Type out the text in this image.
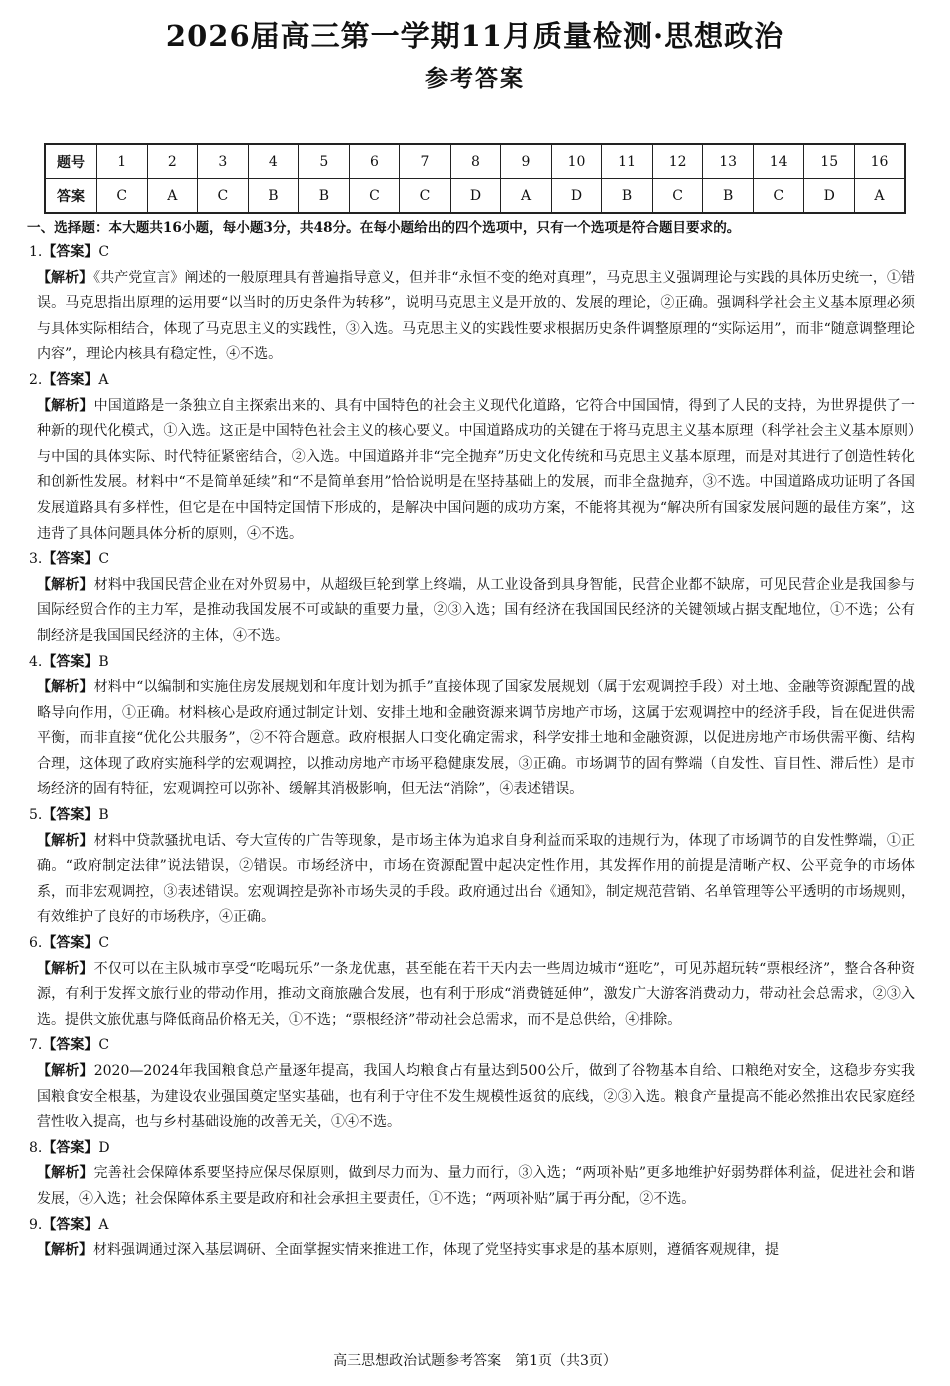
2026届高三第一学期11月质量检测·思想政治
参考答案
题号	1	2	3	4	5	6	7	8	9	10	11	12	13	14	15	16
答案	C	A	C	B	B	C	C	D	A	D	B	C	B	C	D	A
一、选择题：本大题共16小题，每小题3分，共48分。在每小题给出的四个选项中，只有一个选项是符合题目要求的。
1.【答案】C
【解析】《共产党宣言》阐述的一般原理具有普遍指导意义，但并非“永恒不变的绝对真理”，马克思主义强调理论与实践的具体历史统一，①错误。马克思指出原理的运用要“以当时的历史条件为转移”，说明马克思主义是开放的、发展的理论，②正确。强调科学社会主义基本原理必须与具体实际相结合，体现了马克思主义的实践性，③入选。马克思主义的实践性要求根据历史条件调整原理的“实际运用”，而非“随意调整理论内容”，理论内核具有稳定性，④不选。
2.【答案】A
【解析】中国道路是一条独立自主探索出来的、具有中国特色的社会主义现代化道路，它符合中国国情，得到了人民的支持，为世界提供了一种新的现代化模式，①入选。这正是中国特色社会主义的核心要义。中国道路成功的关键在于将马克思主义基本原理（科学社会主义基本原则）与中国的具体实际、时代特征紧密结合，②入选。中国道路并非“完全抛弃”历史文化传统和马克思主义基本原理，而是对其进行了创造性转化和创新性发展。材料中“不是简单延续”和“不是简单套用”恰恰说明是在坚持基础上的发展，而非全盘抛弃，③不选。中国道路成功证明了各国发展道路具有多样性，但它是在中国特定国情下形成的，是解决中国问题的成功方案，不能将其视为“解决所有国家发展问题的最佳方案”，这违背了具体问题具体分析的原则，④不选。
3.【答案】C
【解析】材料中我国民营企业在对外贸易中，从超级巨轮到掌上终端，从工业设备到具身智能，民营企业都不缺席，可见民营企业是我国参与国际经贸合作的主力军，是推动我国发展不可或缺的重要力量，②③入选；国有经济在我国国民经济的关键领域占据支配地位，①不选；公有制经济是我国国民经济的主体，④不选。
4.【答案】B
【解析】材料中“以编制和实施住房发展规划和年度计划为抓手”直接体现了国家发展规划（属于宏观调控手段）对土地、金融等资源配置的战略导向作用，①正确。材料核心是政府通过制定计划、安排土地和金融资源来调节房地产市场，这属于宏观调控中的经济手段，旨在促进供需平衡，而非直接“优化公共服务”，②不符合题意。政府根据人口变化确定需求，科学安排土地和金融资源，以促进房地产市场供需平衡、结构合理，这体现了政府实施科学的宏观调控，以推动房地产市场平稳健康发展，③正确。市场调节的固有弊端（自发性、盲目性、滞后性）是市场经济的固有特征，宏观调控可以弥补、缓解其消极影响，但无法“消除”，④表述错误。
5.【答案】B
【解析】材料中贷款骚扰电话、夸大宣传的广告等现象，是市场主体为追求自身利益而采取的违规行为，体现了市场调节的自发性弊端，①正确。“政府制定法律”说法错误，②错误。市场经济中，市场在资源配置中起决定性作用，其发挥作用的前提是清晰产权、公平竞争的市场体系，而非宏观调控，③表述错误。宏观调控是弥补市场失灵的手段。政府通过出台《通知》，制定规范营销、名单管理等公平透明的市场规则，有效维护了良好的市场秩序，④正确。
6.【答案】C
【解析】不仅可以在主队城市享受“吃喝玩乐”一条龙优惠，甚至能在若干天内去一些周边城市“逛吃”，可见苏超玩转“票根经济”，整合各种资源，有利于发挥文旅行业的带动作用，推动文商旅融合发展，也有利于形成“消费链延伸”，激发广大游客消费动力，带动社会总需求，②③入选。提供文旅优惠与降低商品价格无关，①不选；“票根经济”带动社会总需求，而不是总供给，④排除。
7.【答案】C
【解析】2020—2024年我国粮食总产量逐年提高，我国人均粮食占有量达到500公斤，做到了谷物基本自给、口粮绝对安全，这稳步夯实我国粮食安全根基，为建设农业强国奠定坚实基础，也有利于守住不发生规模性返贫的底线，②③入选。粮食产量提高不能必然推出农民家庭经营性收入提高，也与乡村基础设施的改善无关，①④不选。
8.【答案】D
【解析】完善社会保障体系要坚持应保尽保原则，做到尽力而为、量力而行，③入选；“两项补贴”更多地维护好弱势群体利益，促进社会和谐发展，④入选；社会保障体系主要是政府和社会承担主要责任，①不选；“两项补贴”属于再分配，②不选。
9.【答案】A
【解析】材料强调通过深入基层调研、全面掌握实情来推进工作，体现了党坚持实事求是的基本原则，遵循客观规律，提
高三思想政治试题参考答案　第1页（共3页）
